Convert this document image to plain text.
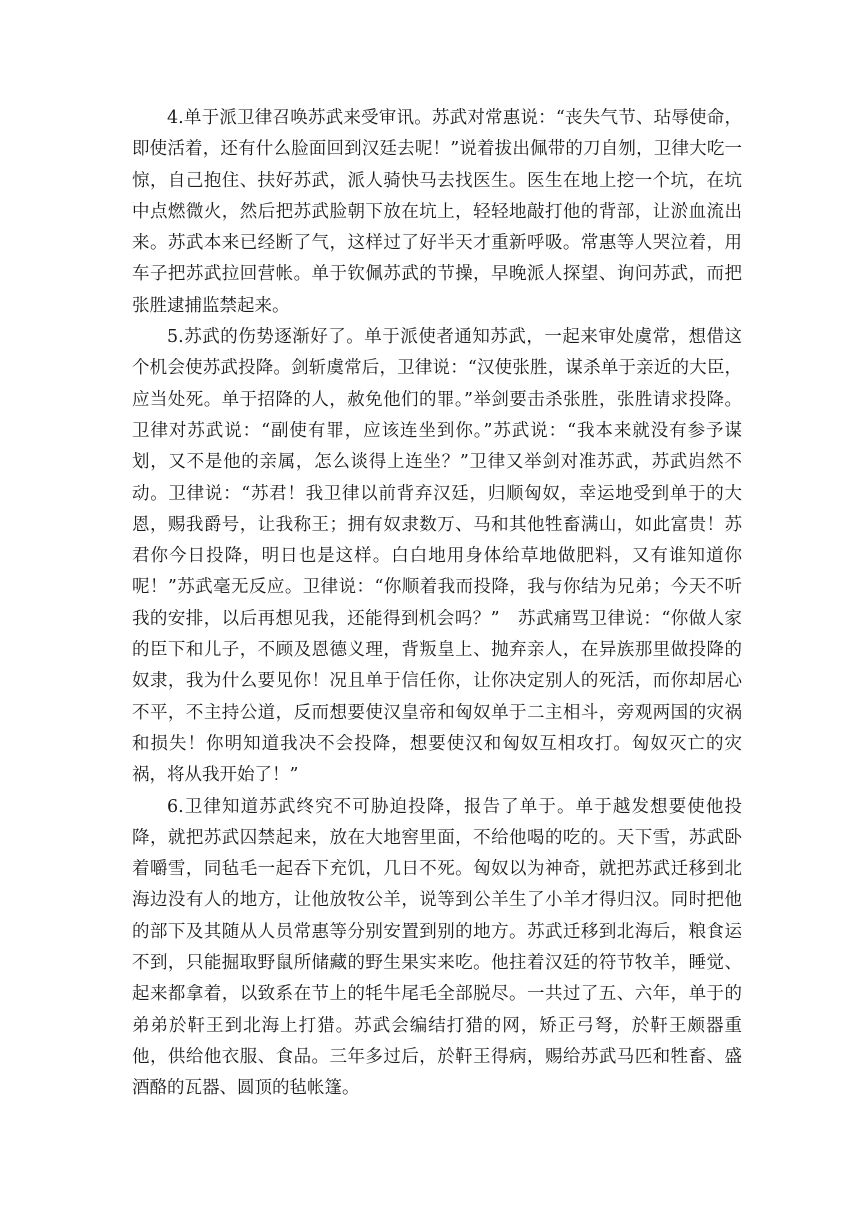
4.单于派卫律召唤苏武来受审讯。苏武对常惠说：“丧失气节、玷辱使命，即使活着，还有什么脸面回到汉廷去呢！”说着拔出佩带的刀自刎，卫律大吃一惊，自己抱住、扶好苏武，派人骑快马去找医生。医生在地上挖一个坑，在坑中点燃微火，然后把苏武脸朝下放在坑上，轻轻地敲打他的背部，让淤血流出来。苏武本来已经断了气，这样过了好半天才重新呼吸。常惠等人哭泣着，用车子把苏武拉回营帐。单于钦佩苏武的节操，早晚派人探望、询问苏武，而把张胜逮捕监禁起来。

5.苏武的伤势逐渐好了。单于派使者通知苏武，一起来审处虞常，想借这个机会使苏武投降。剑斩虞常后，卫律说：“汉使张胜，谋杀单于亲近的大臣，应当处死。单于招降的人，赦免他们的罪。”举剑要击杀张胜，张胜请求投降。卫律对苏武说：“副使有罪，应该连坐到你。”苏武说：“我本来就没有参予谋划，又不是他的亲属，怎么谈得上连坐？”卫律又举剑对准苏武，苏武岿然不动。卫律说：“苏君！我卫律以前背弃汉廷，归顺匈奴，幸运地受到单于的大恩，赐我爵号，让我称王；拥有奴隶数万、马和其他牲畜满山，如此富贵！苏君你今日投降，明日也是这样。白白地用身体给草地做肥料，又有谁知道你呢！”苏武毫无反应。卫律说：“你顺着我而投降，我与你结为兄弟；今天不听我的安排，以后再想见我，还能得到机会吗？”　苏武痛骂卫律说：“你做人家的臣下和儿子，不顾及恩德义理，背叛皇上、抛弃亲人，在异族那里做投降的奴隶，我为什么要见你！况且单于信任你，让你决定别人的死活，而你却居心不平，不主持公道，反而想要使汉皇帝和匈奴单于二主相斗，旁观两国的灾祸和损失！你明知道我决不会投降，想要使汉和匈奴互相攻打。匈奴灭亡的灾祸，将从我开始了！”

6.卫律知道苏武终究不可胁迫投降，报告了单于。单于越发想要使他投降，就把苏武囚禁起来，放在大地窖里面，不给他喝的吃的。天下雪，苏武卧着嚼雪，同毡毛一起吞下充饥，几日不死。匈奴以为神奇，就把苏武迁移到北海边没有人的地方，让他放牧公羊，说等到公羊生了小羊才得归汉。同时把他的部下及其随从人员常惠等分别安置到别的地方。苏武迁移到北海后，粮食运不到，只能掘取野鼠所储藏的野生果实来吃。他拄着汉廷的符节牧羊，睡觉、起来都拿着，以致系在节上的牦牛尾毛全部脱尽。一共过了五、六年，单于的弟弟於靬王到北海上打猎。苏武会编结打猎的网，矫正弓弩，於靬王颇器重他，供给他衣服、食品。三年多过后，於靬王得病，赐给苏武马匹和牲畜、盛酒酪的瓦器、圆顶的毡帐篷。
